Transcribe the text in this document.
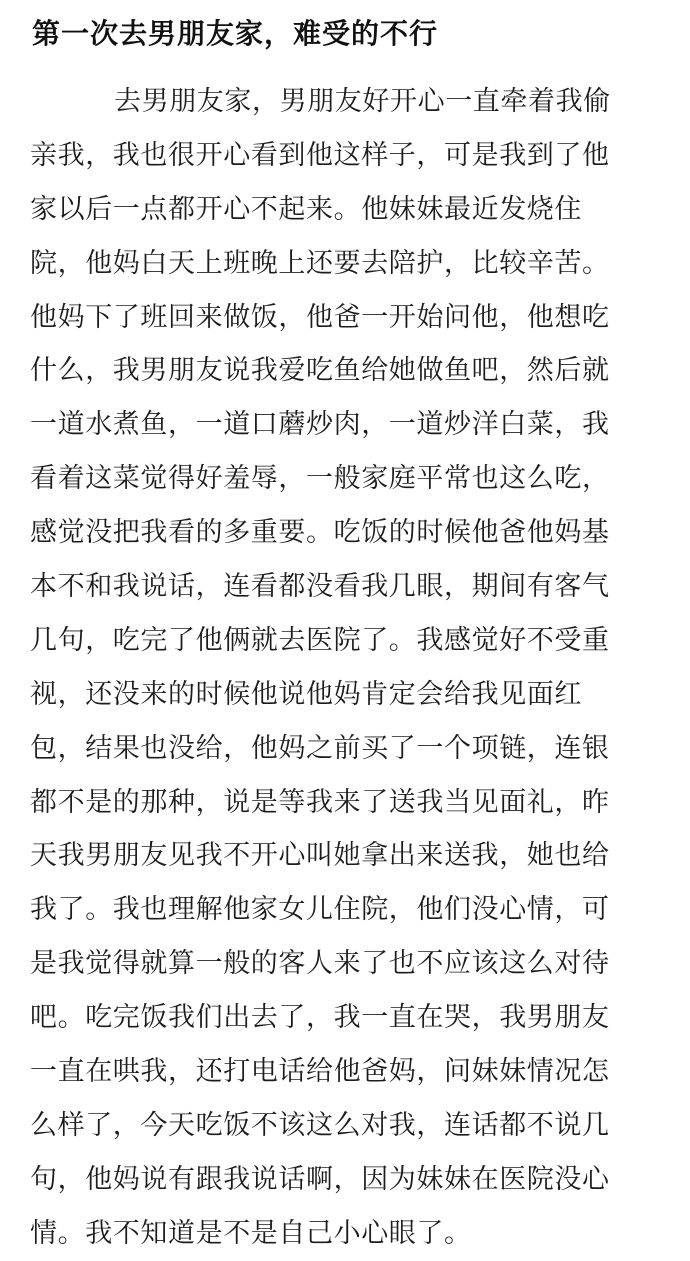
第一次去男朋友家，难受的不行
去男朋友家，男朋友好开心一直牵着我偷
亲我，我也很开心看到他这样子，可是我到了他
家以后一点都开心不起来。他妹妹最近发烧住
院，他妈白天上班晚上还要去陪护，比较辛苦。
他妈下了班回来做饭，他爸一开始问他，他想吃
什么，我男朋友说我爱吃鱼给她做鱼吧，然后就
一道水煮鱼，一道口蘑炒肉，一道炒洋白菜，我
看着这菜觉得好羞辱，一般家庭平常也这么吃，
感觉没把我看的多重要。吃饭的时候他爸他妈基
本不和我说话，连看都没看我几眼，期间有客气
几句，吃完了他俩就去医院了。我感觉好不受重
视，还没来的时候他说他妈肯定会给我见面红
包，结果也没给，他妈之前买了一个项链，连银
都不是的那种，说是等我来了送我当见面礼，昨
天我男朋友见我不开心叫她拿出来送我，她也给
我了。我也理解他家女儿住院，他们没心情，可
是我觉得就算一般的客人来了也不应该这么对待
吧。吃完饭我们出去了，我一直在哭，我男朋友
一直在哄我，还打电话给他爸妈，问妹妹情况怎
么样了，今天吃饭不该这么对我，连话都不说几
句，他妈说有跟我说话啊，因为妹妹在医院没心
情。我不知道是不是自己小心眼了。
